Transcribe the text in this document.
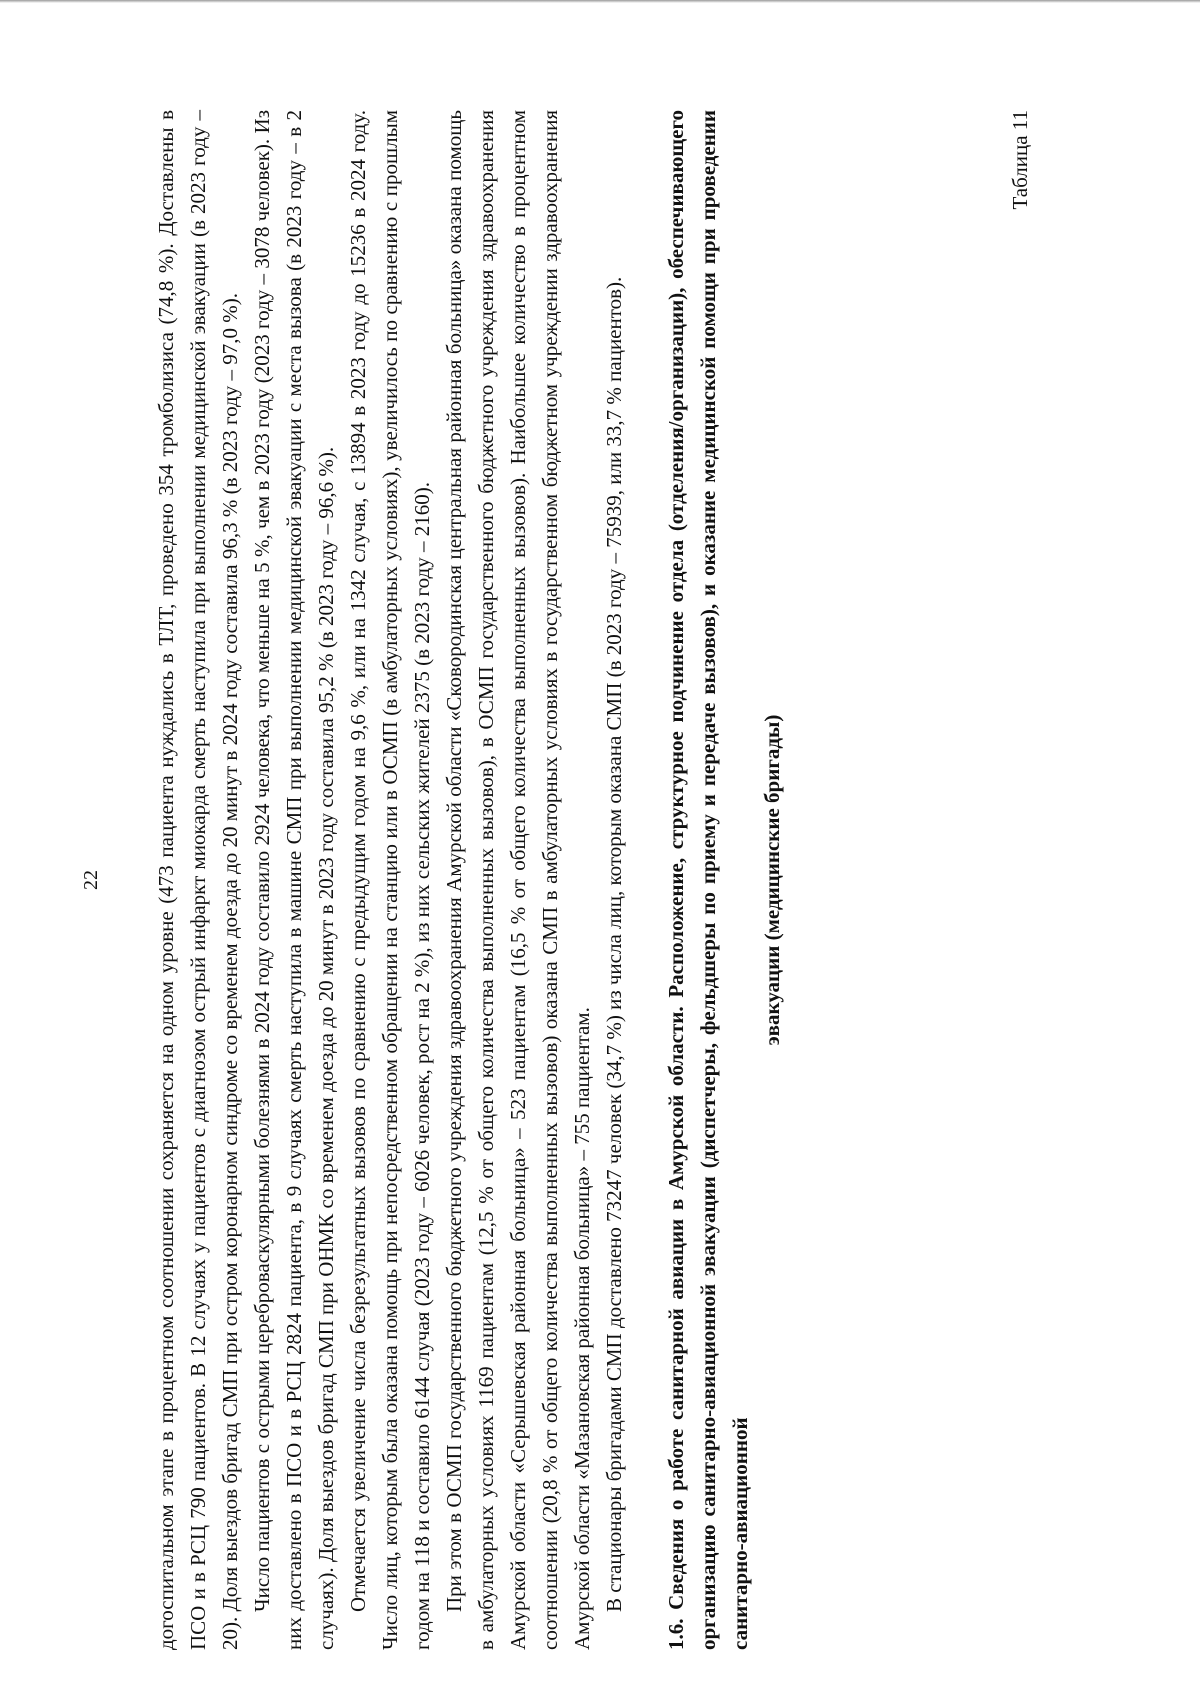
22 догоспитальном этапе в процентном соотношении сохраняется на одном уровне (473 пациента нуждались в ТЛТ, проведено 354 тромболизиса (74,8 %). Доставлены в ПСО и в РСЦ 790 пациентов. В 12 случаях у пациентов с диагнозом острый инфаркт миокарда смерть наступила при выполнении медицинской эвакуации (в 2023 году – 20). Доля выездов бригад СМП при остром коронарном синдроме со временем доезда до 20 минут в 2024 году составила 96,3 % (в 2023 году – 97,0 %). Число пациентов с острыми цереброваскулярными болезнями в 2024 году составило 2924 человека, что меньше на 5 %, чем в 2023 году (2023 году – 3078 человек). Из них доставлено в ПСО и в РСЦ 2824 пациента, в 9 случаях смерть наступила в машине СМП при выполнении медицинской эвакуации с места вызова (в 2023 году – в 2 случаях). Доля выездов бригад СМП при ОНМК со временем доезда до 20 минут в 2023 году составила 95,2 % (в 2023 году – 96,6 %). Отмечается увеличение числа безрезультатных вызовов по сравнению с предыдущим годом на 9,6 %, или на 1342 случая, с 13894 в 2023 году до 15236 в 2024 году. Число лиц, которым была оказана помощь при непосредственном обращении на станцию или в ОСМП (в амбулаторных условиях), увеличилось по сравнению с прошлым годом на 118 и составило 6144 случая (2023 году – 6026 человек, рост на 2 %), из них сельских жителей 2375 (в 2023 году – 2160). При этом в ОСМП государственного бюджетного учреждения здравоохранения Амурской области «Сковородинская центральная районная больница» оказана помощь в амбулаторных условиях 1169 пациентам (12,5 % от общего количества выполненных вызовов), в ОСМП государственного бюджетного учреждения здравоохранения Амурской области «Серышевская районная больница» – 523 пациентам (16,5 % от общего количества выполненных вызовов). Наибольшее количество в процентном соотношении (20,8 % от общего количества выполненных вызовов) оказана СМП в амбулаторных условиях в государственном бюджетном учреждении здравоохранения Амурской области «Мазановская районная больница» – 755 пациентам. В стационары бригадами СМП доставлено 73247 человек (34,7 %) из числа лиц, которым оказана СМП (в 2023 году – 75939, или 33,7 % пациентов). 1.6. Сведения о работе санитарной авиации в Амурской области. Расположение, структурное подчинение отдела (отделения/организации), обеспечивающего организацию санитарно-авиационной эвакуации (диспетчеры, фельдшеры по приему и передаче вызовов), и оказание медицинской помощи при проведении санитарно-авиационной

эвакуации (медицинские бригады)

Таблица 11
